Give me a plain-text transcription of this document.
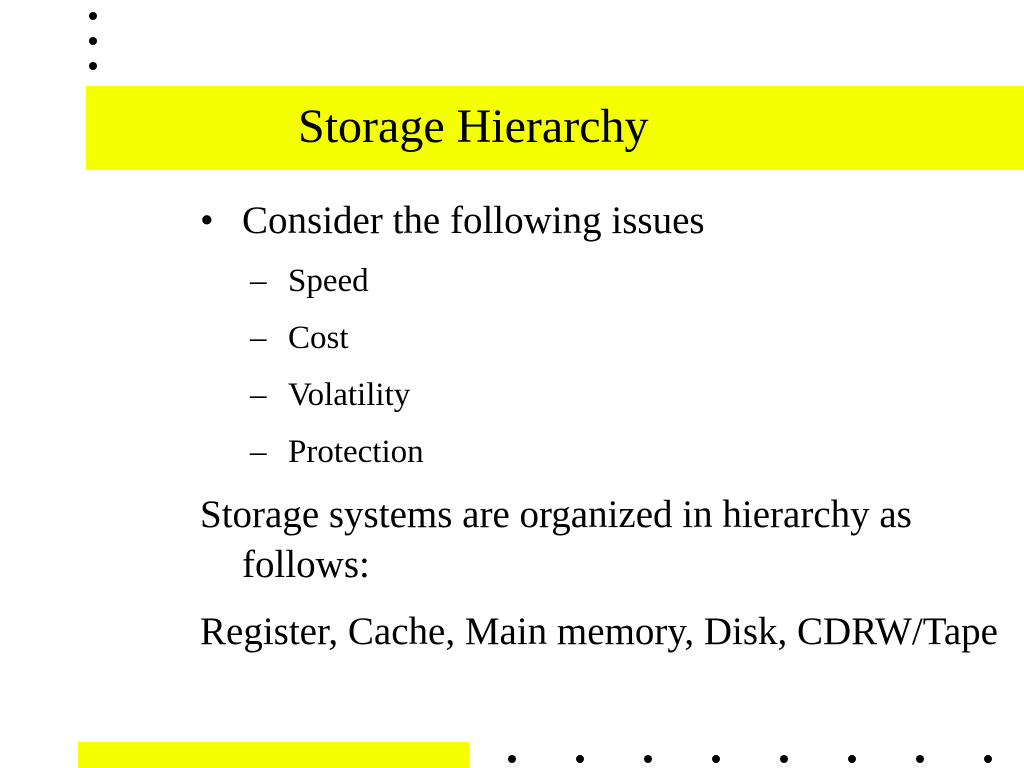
Storage Hierarchy
• Consider the following issues
– Speed
– Cost
– Volatility
– Protection
Storage systems are organized in hierarchy as follows:
Register, Cache, Main memory, Disk, CDRW/Tape
